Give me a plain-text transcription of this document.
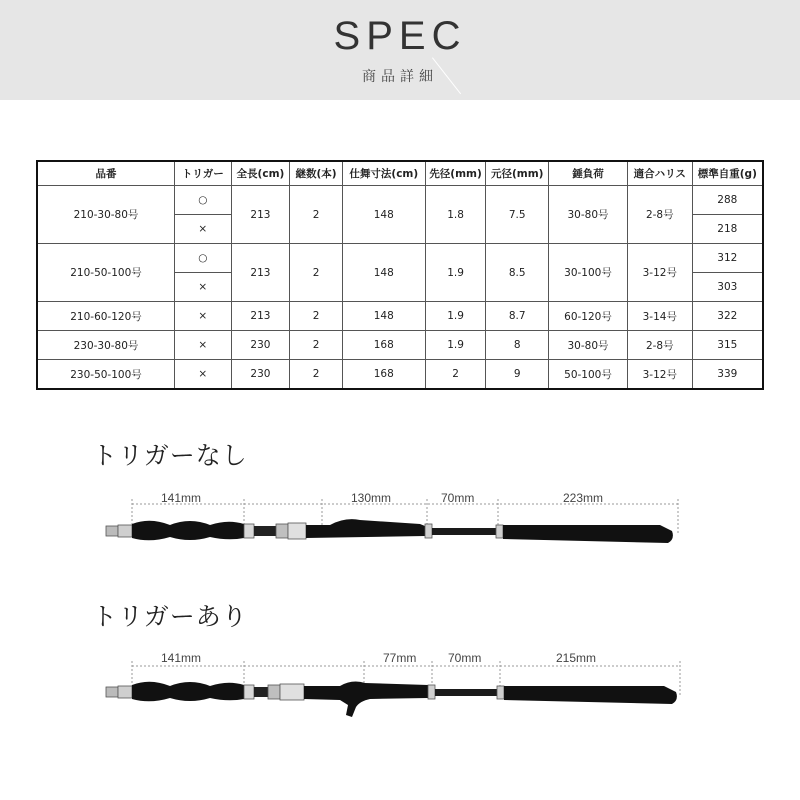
SPEC
商品詳細
品番	トリガー	全長(cm)	継数(本)	仕舞寸法(cm)	先径(mm)	元径(mm)	錘負荷	適合ハリス	標準自重(g)
210-30-80号	○	213	2	148	1.8	7.5	30-80号	2-8号	288
	×								218
210-50-100号	○	213	2	148	1.9	8.5	30-100号	3-12号	312
	×								303
210-60-120号	×	213	2	148	1.9	8.7	60-120号	3-14号	322
230-30-80号	×	230	2	168	1.9	8	30-80号	2-8号	315
230-50-100号	×	230	2	168	2	9	50-100号	3-12号	339
トリガーなし
141mm	130mm	70mm	223mm
トリガーあり
141mm	77mm	70mm	215mm
